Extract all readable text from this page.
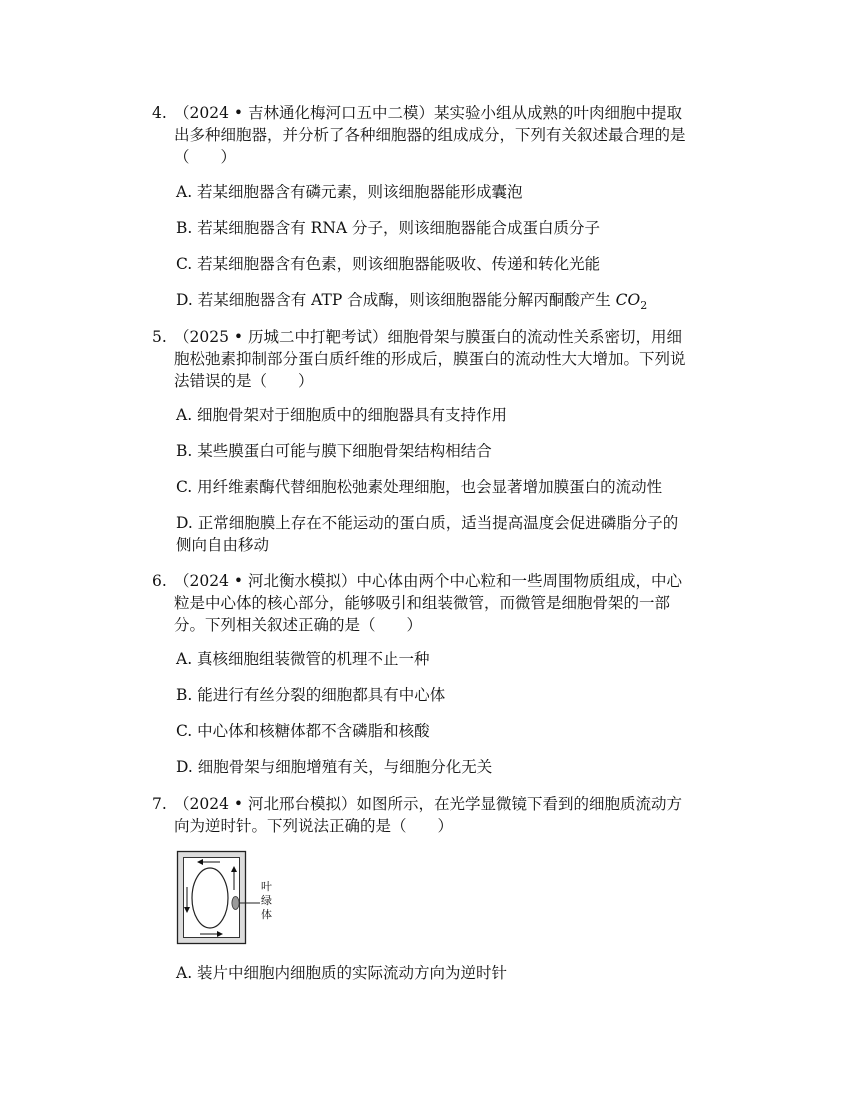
4. （2024 • 吉林通化梅河口五中二模）某实验小组从成熟的叶肉细胞中提取
出多种细胞器，并分析了各种细胞器的组成成分，下列有关叙述最合理的是
（　　）
A. 若某细胞器含有磷元素，则该细胞器能形成囊泡
B. 若某细胞器含有 RNA 分子，则该细胞器能合成蛋白质分子
C. 若某细胞器含有色素，则该细胞器能吸收、传递和转化光能
D. 若某细胞器含有 ATP 合成酶，则该细胞器能分解丙酮酸产生 $CO_2$
5. （2025 • 历城二中打靶考试）细胞骨架与膜蛋白的流动性关系密切，用细
胞松弛素抑制部分蛋白质纤维的形成后，膜蛋白的流动性大大增加。下列说
法错误的是（　　）
A. 细胞骨架对于细胞质中的细胞器具有支持作用
B. 某些膜蛋白可能与膜下细胞骨架结构相结合
C. 用纤维素酶代替细胞松弛素处理细胞，也会显著增加膜蛋白的流动性
D. 正常细胞膜上存在不能运动的蛋白质，适当提高温度会促进磷脂分子的
侧向自由移动
6. （2024 • 河北衡水模拟）中心体由两个中心粒和一些周围物质组成，中心
粒是中心体的核心部分，能够吸引和组装微管，而微管是细胞骨架的一部
分。下列相关叙述正确的是（　　）
A. 真核细胞组装微管的机理不止一种
B. 能进行有丝分裂的细胞都具有中心体
C. 中心体和核糖体都不含磷脂和核酸
D. 细胞骨架与细胞增殖有关，与细胞分化无关
7. （2024 • 河北邢台模拟）如图所示，在光学显微镜下看到的细胞质流动方
向为逆时针。下列说法正确的是（　　）
叶
绿
体
A. 装片中细胞内细胞质的实际流动方向为逆时针
